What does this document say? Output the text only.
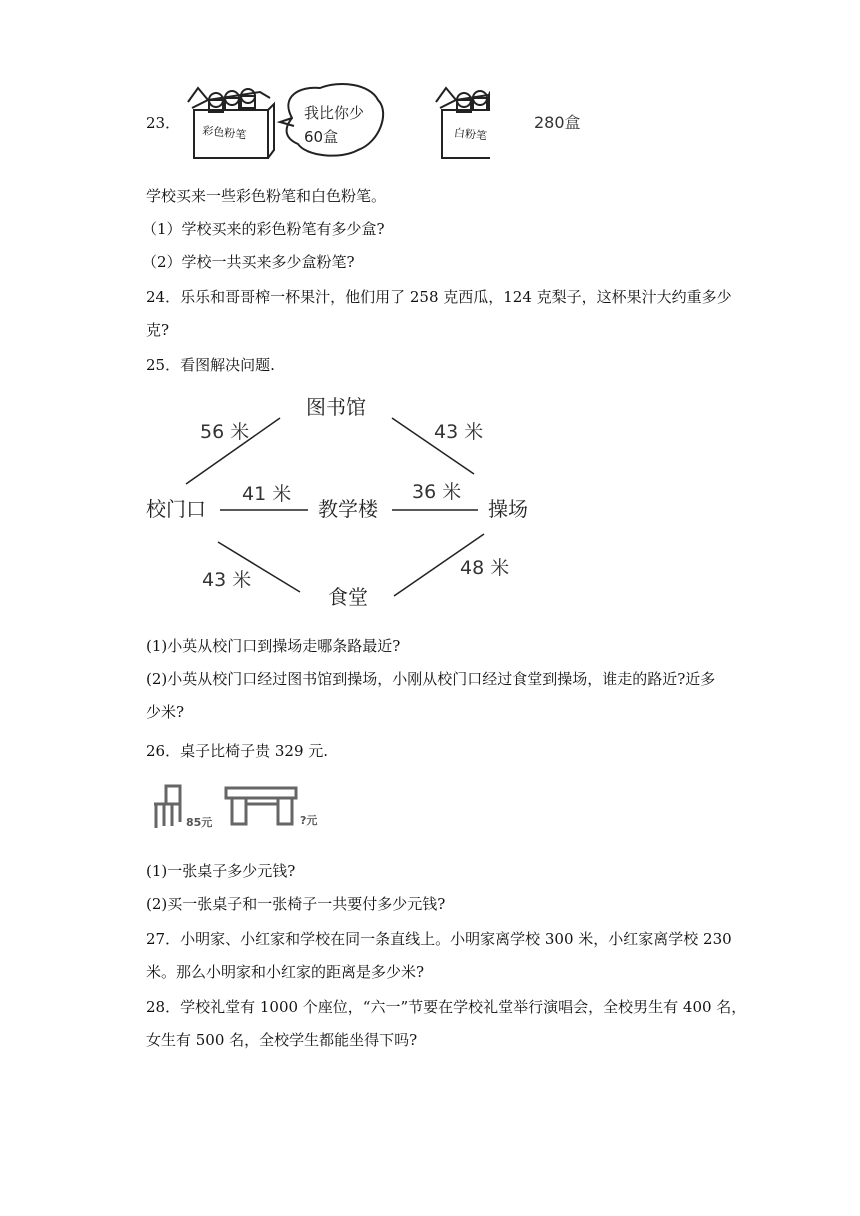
23．
彩色粉笔
我比你少
60盒	白粉笔
280盒
学校买来一些彩色粉笔和白色粉笔。
（1）学校买来的彩色粉笔有多少盒?
（2）学校一共买来多少盒粉笔?
24．乐乐和哥哥榨一杯果汁，他们用了 258 克西瓜，124 克梨子，这杯果汁大约重多少
克?
25．看图解决问题.
图书馆
校门口	教学楼	操场
食堂
56 米	43 米
41 米	36 米
43 米
48 米
(1)小英从校门口到操场走哪条路最近?
(2)小英从校门口经过图书馆到操场，小刚从校门口经过食堂到操场，谁走的路近?近多
少米?
26．桌子比椅子贵 329 元.
85元	?元
(1)一张桌子多少元钱?
(2)买一张桌子和一张椅子一共要付多少元钱?
27．小明家、小红家和学校在同一条直线上。小明家离学校 300 米，小红家离学校 230
米。那么小明家和小红家的距离是多少米?
28．学校礼堂有 1000 个座位，“六一”节要在学校礼堂举行演唱会，全校男生有 400 名，
女生有 500 名，全校学生都能坐得下吗?
